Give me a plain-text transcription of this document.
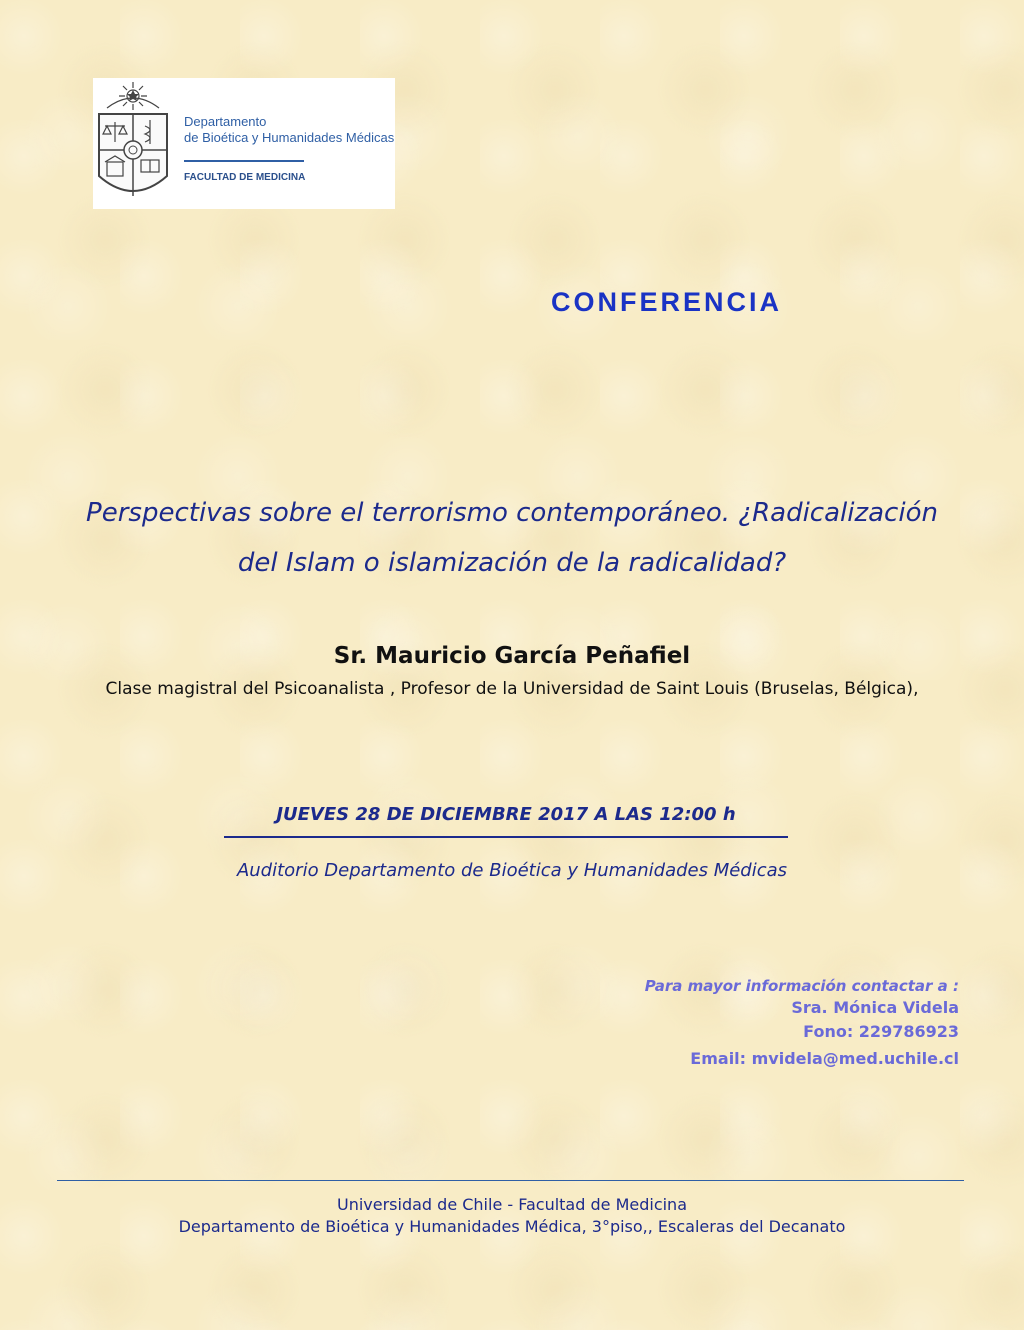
Departamento
de Bioética y Humanidades Médicas
FACULTAD DE MEDICINA
CONFERENCIA
Perspectivas sobre el terrorismo contemporáneo. ¿Radicalización
del Islam o islamización de la radicalidad?
Sr. Mauricio García Peñafiel
Clase magistral del Psicoanalista , Profesor de la Universidad de Saint Louis (Bruselas, Bélgica),
JUEVES 28 DE DICIEMBRE 2017 A LAS 12:00 h
Auditorio Departamento de Bioética y Humanidades Médicas
Para mayor información contactar a :
Sra. Mónica Videla
Fono: 229786923
Email: mvidela@med.uchile.cl
Universidad de Chile - Facultad de Medicina
Departamento de Bioética y Humanidades Médica, 3°piso,, Escaleras del Decanato
